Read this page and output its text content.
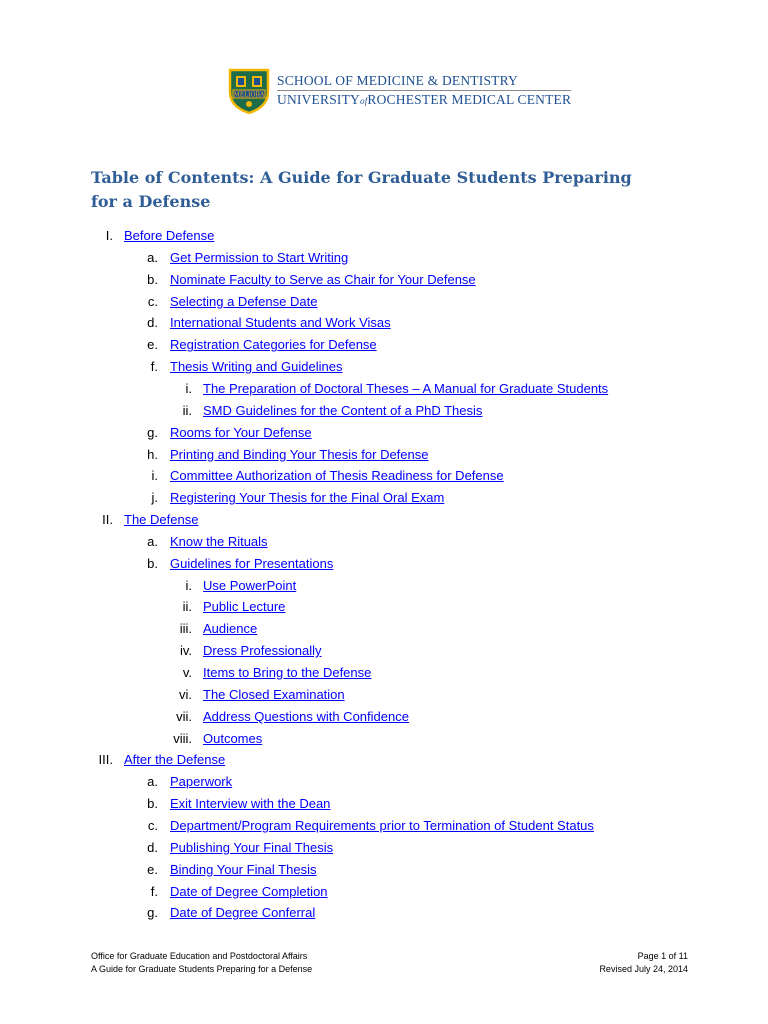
MELIORA
SCHOOL OF MEDICINE & DENTISTRY
UNIVERSITYofROCHESTER MEDICAL CENTER
Table of Contents: A Guide for Graduate Students Preparing for a Defense
I. Before Defense
a. Get Permission to Start Writing
b. Nominate Faculty to Serve as Chair for Your Defense
c. Selecting a Defense Date
d. International Students and Work Visas
e. Registration Categories for Defense
f. Thesis Writing and Guidelines
i. The Preparation of Doctoral Theses – A Manual for Graduate Students
ii. SMD Guidelines for the Content of a PhD Thesis
g. Rooms for Your Defense
h. Printing and Binding Your Thesis for Defense
i. Committee Authorization of Thesis Readiness for Defense
j. Registering Your Thesis for the Final Oral Exam
II. The Defense
a. Know the Rituals
b. Guidelines for Presentations
i. Use PowerPoint
ii. Public Lecture
iii. Audience
iv. Dress Professionally
v. Items to Bring to the Defense
vi. The Closed Examination
vii. Address Questions with Confidence
viii. Outcomes
III. After the Defense
a. Paperwork
b. Exit Interview with the Dean
c. Department/Program Requirements prior to Termination of Student Status
d. Publishing Your Final Thesis
e. Binding Your Final Thesis
f. Date of Degree Completion
g. Date of Degree Conferral
Office for Graduate Education and Postdoctoral Affairs
A Guide for Graduate Students Preparing for a Defense
Page 1 of 11
Revised July 24, 2014
